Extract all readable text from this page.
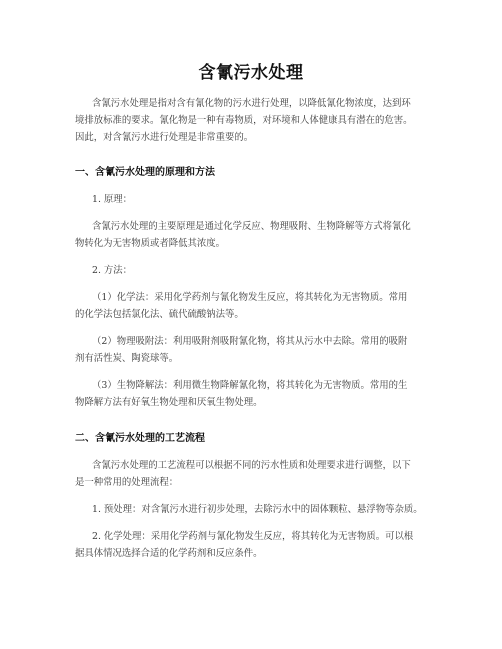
含氰污水处理
含氰污水处理是指对含有氰化物的污水进行处理，以降低氰化物浓度，达到环
境排放标准的要求。氰化物是一种有毒物质，对环境和人体健康具有潜在的危害。
因此，对含氰污水进行处理是非常重要的。
一、含氰污水处理的原理和方法
1. 原理：
含氰污水处理的主要原理是通过化学反应、物理吸附、生物降解等方式将氰化
物转化为无害物质或者降低其浓度。
2. 方法：
（1）化学法：采用化学药剂与氰化物发生反应，将其转化为无害物质。常用
的化学法包括氯化法、硫代硫酸钠法等。
（2）物理吸附法：利用吸附剂吸附氰化物，将其从污水中去除。常用的吸附
剂有活性炭、陶瓷球等。
（3）生物降解法：利用微生物降解氰化物，将其转化为无害物质。常用的生
物降解方法有好氧生物处理和厌氧生物处理。
二、含氰污水处理的工艺流程
含氰污水处理的工艺流程可以根据不同的污水性质和处理要求进行调整，以下
是一种常用的处理流程：
1. 预处理：对含氰污水进行初步处理，去除污水中的固体颗粒、悬浮物等杂质。
2. 化学处理：采用化学药剂与氰化物发生反应，将其转化为无害物质。可以根
据具体情况选择合适的化学药剂和反应条件。
